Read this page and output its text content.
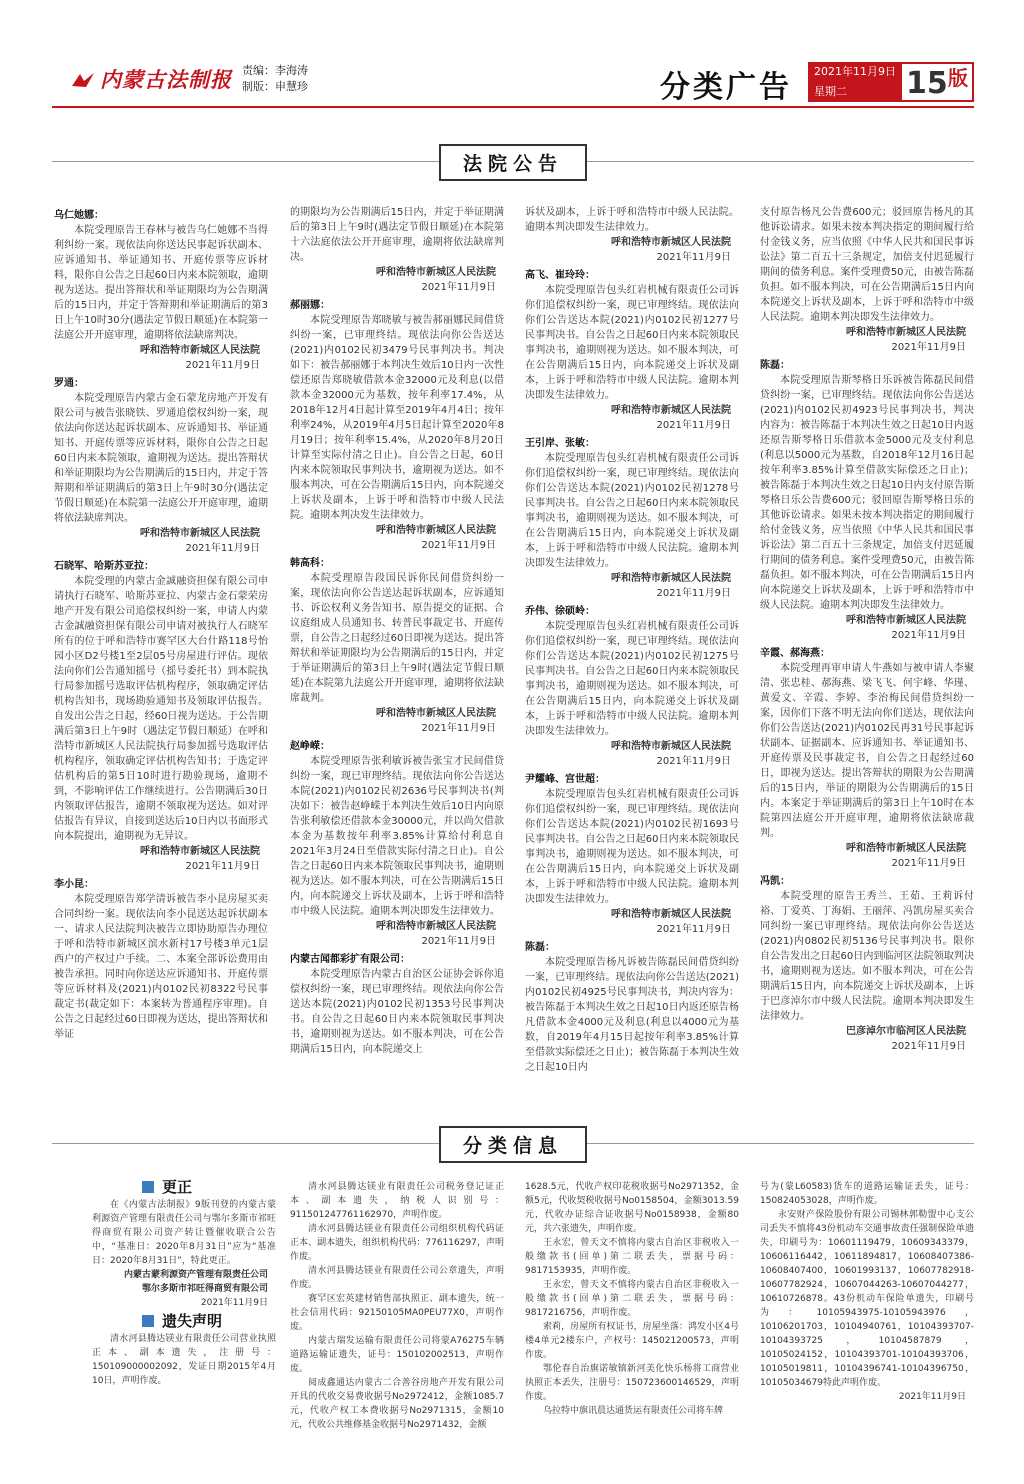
内蒙古法制报 责编：李海涛
制版：申慧珍	分类广告 2021年11月9日
星期二	15 版
法院公告
乌仁她娜：

本院受理原告王春林与被告乌仁她娜不当得利纠纷一案。现依法向你送达民事起诉状副本、应诉通知书、举证通知书、开庭传票等应诉材料，限你自公告之日起60日内来本院领取，逾期视为送达。提出答辩状和举证期限均为公告期满后的15日内，并定于答辩期和举证期满后的第3日上午10时30分(遇法定节假日顺延)在本院第一法庭公开开庭审理，逾期将依法缺席判决。

呼和浩特市新城区人民法院

2021年11月9日

罗通：

本院受理原告内蒙古金石蒙龙房地产开发有限公司与被告张晓铁、罗通追偿权纠纷一案，现依法向你送达起诉状副本、应诉通知书、举证通知书、开庭传票等应诉材料，限你自公告之日起60日内来本院领取，逾期视为送达。提出答辩状和举证期限均为公告期满后的15日内，并定于答辩期和举证期满后的第3日上午9时30分(遇法定节假日顺延)在本院第一法庭公开开庭审理，逾期将依法缺席判决。

呼和浩特市新城区人民法院

2021年11月9日

石晓军、哈斯苏亚拉：

本院受理的内蒙古金誠融资担保有限公司申请执行石晓军、哈斯苏亚拉、内蒙古金石蒙荣房地产开发有限公司追偿权纠纷一案，申请人内蒙古金誠融资担保有限公司申请对被执行人石晓军所有的位于呼和浩特市赛罕区大台什路118号怡园小区D2号楼1至2层05号房屋进行评估。现依法向你们公告通知摇号（摇号委托书）到本院执行局参加摇号选取评估机构程序，领取确定评估机构告知书，现场勘验通知书及领取评估报告。自发出公告之日起，经60日视为送达。于公告期满后第3日上午9时（遇法定节假日顺延）在呼和浩特市新城区人民法院执行局参加摇号选取评估机构程序，领取确定评估机构告知书；于选定评估机构后的第5日10时进行勘验现场，逾期不到，不影响评估工作继续进行。公告期满后30日内领取评估报告，逾期不领取视为送达。如对评估报告有异议，自接到送达后10日内以书面形式向本院提出，逾期视为无异议。

呼和浩特市新城区人民法院

2021年11月9日

李小昆：

本院受理原告郑学清诉被告李小昆房屋买卖合同纠纷一案。现依法向李小昆送达起诉状副本一、请求人民法院判决被告立即协助原告办理位于呼和浩特市新城区滨水新村17号楼3单元1层西户的产权过户手续。二、本案全部诉讼费用由被告承担。同时向你送达应诉通知书、开庭传票等应诉材料及(2021)内0102民初8322号民事裁定书(裁定如下：本案转为普通程序审理)。自公告之日起经过60日即视为送达，提出答辩状和举证

的期限均为公告期满后15日内，并定于举证期满后的第3日上午9时(遇法定节假日顺延)在本院第十六法庭依法公开开庭审理，逾期将依法缺席判决。

呼和浩特市新城区人民法院

2021年11月9日

郝丽娜：

本院受理原告郑晓敏与被告郝丽娜民间借贷纠纷一案，已审理终结。现依法向你公告送达(2021)内0102民初3479号民事判决书。判决如下：被告郝丽娜于本判决生效后10日内一次性偿还原告郑晓敏借款本金32000元及利息(以借款本金32000元为基数，按年利率17.4%，从2018年12月4日起计算至2019年4月4日；按年利率24%，从2019年4月5日起计算至2020年8月19日；按年利率15.4%，从2020年8月20日计算至实际付清之日止)。自公告之日起，60日内来本院领取民事判决书，逾期视为送达。如不服本判决，可在公告期满后15日内，向本院递交上诉状及副本，上诉于呼和浩特市中级人民法院。逾期本判决发生法律效力。

呼和浩特市新城区人民法院

2021年11月9日

韩高科：

本院受理原告段国民诉你民间借贷纠纷一案，现依法向你公告送达起诉状副本，应诉通知书、诉讼权利义务告知书、原告提交的证据、合议庭组成人员通知书、转普民事裁定书、开庭传票，自公告之日起经过60日即视为送达。提出答辩状和举证期限均为公告期满后的15日内，并定于举证期满后的第3日上午9时(遇法定节假日顺延)在本院第九法庭公开开庭审理，逾期将依法缺席裁判。

呼和浩特市新城区人民法院

2021年11月9日

赵峥嵘：

本院受理原告张利敏诉被告张宝才民间借贷纠纷一案，现已审理终结。现依法向你公告送达本院(2021)内0102民初2636号民事判决书(判决如下：被告赵峥嵘于本判决生效后10日内向原告张利敏偿还借款本金30000元，并以尚欠借款本金为基数按年利率3.85%计算给付利息自2021年3月24日至借款实际付清之日止)。自公告之日起60日内来本院领取民事判决书，逾期则视为送达。如不服本判决，可在公告期满后15日内，向本院递交上诉状及副本，上诉于呼和浩特市中级人民法院。逾期本判决即发生法律效力。

呼和浩特市新城区人民法院

2021年11月9日

内蒙古闻都彩扩有限公司：

本院受理原告内蒙古自治区公证协会诉你追偿权纠纷一案，现已审理终结。现依法向你公告送达本院(2021)内0102民初1353号民事判决书。自公告之日起60日内来本院领取民事判决书，逾期则视为送达。如不服本判决，可在公告期满后15日内，向本院递交上

诉状及副本，上诉于呼和浩特市中级人民法院。逾期本判决即发生法律效力。

呼和浩特市新城区人民法院

2021年11月9日

高飞、崔玲玲：

本院受理原告包头红岩机械有限责任公司诉你们追偿权纠纷一案，现已审理终结。现依法向你们公告送达本院(2021)内0102民初1277号民事判决书。自公告之日起60日内来本院领取民事判决书，逾期则视为送达。如不服本判决，可在公告期满后15日内，向本院递交上诉状及副本，上诉于呼和浩特市中级人民法院。逾期本判决即发生法律效力。

呼和浩特市新城区人民法院

2021年11月9日

王引岸、张敏：

本院受理原告包头红岩机械有限责任公司诉你们追偿权纠纷一案，现已审理终结。现依法向你们公告送达本院(2021)内0102民初1278号民事判决书。自公告之日起60日内来本院领取民事判决书，逾期则视为送达。如不服本判决，可在公告期满后15日内，向本院递交上诉状及副本，上诉于呼和浩特市中级人民法院。逾期本判决即发生法律效力。

呼和浩特市新城区人民法院

2021年11月9日

乔伟、徐硕岭：

本院受理原告包头红岩机械有限责任公司诉你们追偿权纠纷一案，现已审理终结。现依法向你们公告送达本院(2021)内0102民初1275号民事判决书。自公告之日起60日内来本院领取民事判决书，逾期则视为送达。如不服本判决，可在公告期满后15日内，向本院递交上诉状及副本，上诉于呼和浩特市中级人民法院。逾期本判决即发生法律效力。

呼和浩特市新城区人民法院

2021年11月9日

尹耀峰、宫世超：

本院受理原告包头红岩机械有限责任公司诉你们追偿权纠纷一案，现已审理终结。现依法向你们公告送达本院(2021)内0102民初1693号民事判决书。自公告之日起60日内来本院领取民事判决书，逾期则视为送达。如不服本判决，可在公告期满后15日内，向本院递交上诉状及副本，上诉于呼和浩特市中级人民法院。逾期本判决即发生法律效力。

呼和浩特市新城区人民法院

2021年11月9日

陈磊：

本院受理原告杨凡诉被告陈磊民间借贷纠纷一案，已审理终结。现依法向你公告送达(2021)内0102民初4925号民事判决书，判决内容为：被告陈磊于本判决生效之日起10日内返还原告杨凡借款本金4000元及利息(利息以4000元为基数，自2019年4月15日起按年利率3.85%计算至借款实际偿还之日止)；被告陈磊于本判决生效之日起10日内

支付原告杨凡公告费600元；驳回原告杨凡的其他诉讼请求。如果未按本判决指定的期间履行给付金钱义务，应当依照《中华人民共和国民事诉讼法》第二百五十三条规定，加倍支付迟延履行期间的债务利息。案件受理费50元，由被告陈磊负担。如不服本判决，可在公告期满后15日内向本院递交上诉状及副本，上诉于呼和浩特市中级人民法院。逾期本判决即发生法律效力。

呼和浩特市新城区人民法院

2021年11月9日

陈磊：

本院受理原告斯琴格日乐诉被告陈磊民间借贷纠纷一案，已审理终结。现依法向你公告送达(2021)内0102民初4923号民事判决书，判决内容为：被告陈磊于本判决生效之日起10日内返还原告斯琴格日乐借款本金5000元及支付利息(利息以5000元为基数，自2018年12月16日起按年利率3.85%计算至借款实际偿还之日止)；被告陈磊于本判决生效之日起10日内支付原告斯琴格日乐公告费600元；驳回原告斯琴格日乐的其他诉讼请求。如果未按本判决指定的期间履行给付金钱义务，应当依照《中华人民共和国民事诉讼法》第二百五十三条规定，加倍支付迟延履行期间的债务利息。案件受理费50元，由被告陈磊负担。如不服本判决，可在公告期满后15日内向本院递交上诉状及副本，上诉于呼和浩特市中级人民法院。逾期本判决即发生法律效力。

呼和浩特市新城区人民法院

2021年11月9日

辛霞、郝海燕：

本院受理再审申请人牛燕如与被申请人李聚清、张忠桂、郝海燕、梁飞飞、何宇峰、华瑾、黄爱文、辛霞、李婷、李治梅民间借贷纠纷一案，因你们下落不明无法向你们送达，现依法向你们公告送达(2021)内0102民再31号民事起诉状副本、证据副本、应诉通知书、举证通知书、开庭传票及民事裁定书，自公告之日起经过60日，即视为送达。提出答辩状的期限为公告期满后的15日内，举证的期限为公告期满后的15日内。本案定于举证期满后的第3日上午10时在本院第四法庭公开开庭审理，逾期将依法缺席裁判。

呼和浩特市新城区人民法院

2021年11月9日

冯凯：

本院受理的原告王秀兰、王茹、王莉诉付裕、丁爱英、丁海娟、王丽萍、冯凯房屋买卖合同纠纷一案已审理终结。现依法向你公告送达(2021)内0802民初5136号民事判决书。限你自公告发出之日起60日内到临河区法院领取判决书，逾期则视为送达。如不服本判决，可在公告期满后15日内，向本院递交上诉状及副本，上诉于巴彦淖尔市中级人民法院。逾期本判决即发生法律效力。

巴彦淖尔市临河区人民法院

2021年11月9日

分类信息
更正

在《内蒙古法制报》9版刊登的内蒙古蒙利源资产管理有限责任公司与鄂尔多斯市祁旺得商贸有限公司资产转让暨催收联合公告中，“基准日：2020年8月31日”应为“基准日：2020年8月31日”，特此更正。

内蒙古蒙利源资产管理有限责任公司

鄂尔多斯市祁旺得商贸有限公司

2021年11月9日

遗失声明

清水河县腾达镁业有限责任公司营业执照正本、副本遗失，注册号：150109000002092，发证日期2015年4月10日，声明作废。

清水河县腾达镁业有限责任公司税务登记证正本、副本遗失，纳税人识别号：911501247761162970，声明作废。

清水河县腾达镁业有限责任公司组织机构代码证正本、副本遗失，组织机构代码：776116297，声明作废。

清水河县腾达镁业有限责任公司公章遗失，声明作废。

赛罕区宏英建材销售部执照正、副本遗失，统一社会信用代码：92150105MA0PEU77X0，声明作废。

内蒙古瑞发运输有限责任公司将蒙A76275车辆道路运输证遗失，证号：150102002513，声明作废。

阅成鑫通达内蒙古二合善谷房地产开发有限公司开具的代收交易费收据号No2972412，金额1085.7元，代收产权工本费收据号No2971315，金额10元，代收公共维修基金收据号No2971432，金额

1628.5元，代收产权印花税收据号No2971352，金额5元，代收契税收据号No0158504，金额3013.59元，代收办证综合证收据号No0158938，金额80元，共六张遗失，声明作废。

王永宏，曾天文不慎将内蒙古自治区非税收入一般缴款书(回单)第二联丢失，票据号码：9817153935，声明作废。

王永宏，曾天文不慎将内蒙古自治区非税收入一般缴款书(回单)第二联丢失，票据号码：9817216756，声明作废。

索莉，房屋所有权证书，房屋坐落：鸿发小区4号楼4单元2楼东户，产权号：145021200573，声明作废。

鄂伦春自治旗诺敏镇新河美化快乐杨将工商营业执照正本丢失，注册号：150723600146529，声明作废。

乌拉特中旗讯晨达通货运有限责任公司将车牌

号为(蒙L60583)货车的道路运输证丢失，证号：150824053028，声明作废。

永安财产保险股份有限公司锡林郭勒盟中心支公司丢失不慎将43份机动车交通事故责任强制保险单遗失，印刷号为：10601119479，10609343379，10606116442，10611894817，10608407386-10608407400，10601993137，10607782918-10607782924，10607044263-10607044277，10610726878。43份机动车保险单遗失，印刷号为：10105943975-10105943976，10106201703，10104940761，10104393707-10104393725，10104587879，10105024152，10104393701-10104393706，10105019811，10104396741-10104396750，10105034679特此声明作废。

2021年11月9日
